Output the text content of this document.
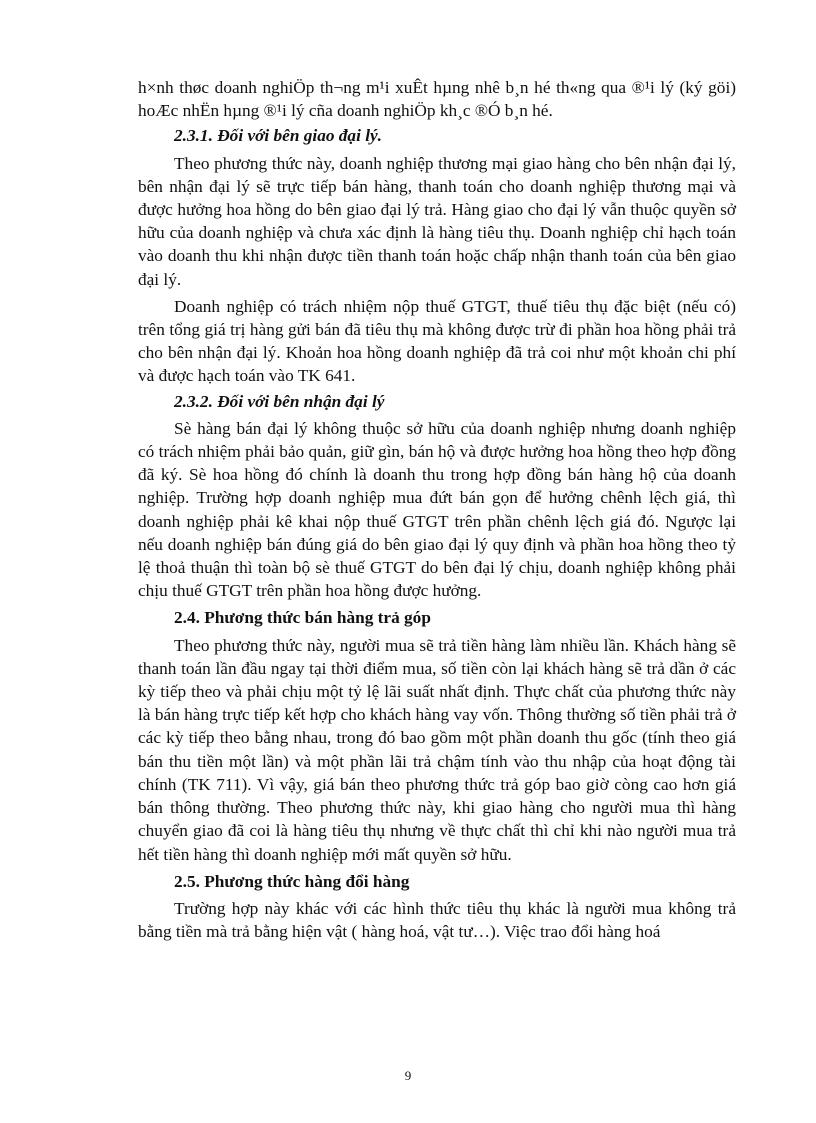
h×nh thøc doanh nghiÖp th¬ng m¹i xuÊt hµng nhê b¸n hé th«ng qua ®¹i lý (ký göi) hoÆc nhËn hµng ®¹i lý cña doanh nghiÖp kh¸c ®Ó b¸n hé.

2.3.1. Đối với bên giao đại lý.

Theo phương thức này, doanh nghiệp thương mại giao hàng cho bên nhận đại lý, bên nhận đại lý sẽ trực tiếp bán hàng, thanh toán cho doanh nghiệp thương mại và được hưởng hoa hồng do bên giao đại lý trả. Hàng giao cho đại lý vẫn thuộc quyền sở hữu của doanh nghiệp và chưa xác định là hàng tiêu thụ. Doanh nghiệp chỉ hạch toán vào doanh thu khi nhận được tiền thanh toán hoặc chấp nhận thanh toán của bên giao đại lý.

Doanh nghiệp có trách nhiệm nộp thuế GTGT, thuế tiêu thụ đặc biệt (nếu có) trên tổng giá trị hàng gửi bán đã tiêu thụ mà không được trừ đi phần hoa hồng phải trả cho bên nhận đại lý. Khoản hoa hồng doanh nghiệp đã trả coi như một khoản chi phí và được hạch toán vào TK 641.

2.3.2. Đối với bên nhận đại lý

Sè hàng bán đại lý không thuộc sở hữu của doanh nghiệp nhưng doanh nghiệp có trách nhiệm phải bảo quản, giữ gìn, bán hộ và được hưởng hoa hồng theo hợp đồng đã ký. Sè hoa hồng đó chính là doanh thu trong hợp đồng bán hàng hộ của doanh nghiệp. Trường hợp doanh nghiệp mua đứt bán gọn để hưởng chênh lệch giá, thì doanh nghiệp phải kê khai nộp thuế GTGT trên phần chênh lệch giá đó. Ngược lại nếu doanh nghiệp bán đúng giá do bên giao đại lý quy định và phần hoa hồng theo tỷ lệ thoả thuận thì toàn bộ sè thuế GTGT do bên đại lý chịu, doanh nghiệp không phải chịu thuế GTGT trên phần hoa hồng được hưởng.

2.4. Phương thức bán hàng trả góp

Theo phương thức này, người mua sẽ trả tiền hàng làm nhiều lần. Khách hàng sẽ thanh toán lần đầu ngay tại thời điểm mua, số tiền còn lại khách hàng sẽ trả dần ở các kỳ tiếp theo và phải chịu một tỷ lệ lãi suất nhất định. Thực chất của phương thức này là bán hàng trực tiếp kết hợp cho khách hàng vay vốn. Thông thường số tiền phải trả ở các kỳ tiếp theo bằng nhau, trong đó bao gồm một phần doanh thu gốc (tính theo giá bán thu tiền một lần) và một phần lãi trả chậm tính vào thu nhập của hoạt động tài chính (TK 711). Vì vậy, giá bán theo phương thức trả góp bao giờ còng cao hơn giá bán thông thường. Theo phương thức này, khi giao hàng cho người mua thì hàng chuyển giao đã coi là hàng tiêu thụ nhưng về thực chất thì chỉ khi nào người mua trả hết tiền hàng thì doanh nghiệp mới mất quyền sở hữu.

2.5. Phương thức hàng đổi hàng

Trường hợp này khác với các hình thức tiêu thụ khác là người mua không trả bằng tiền mà trả bằng hiện vật ( hàng hoá, vật tư…). Việc trao đổi hàng hoá

9
